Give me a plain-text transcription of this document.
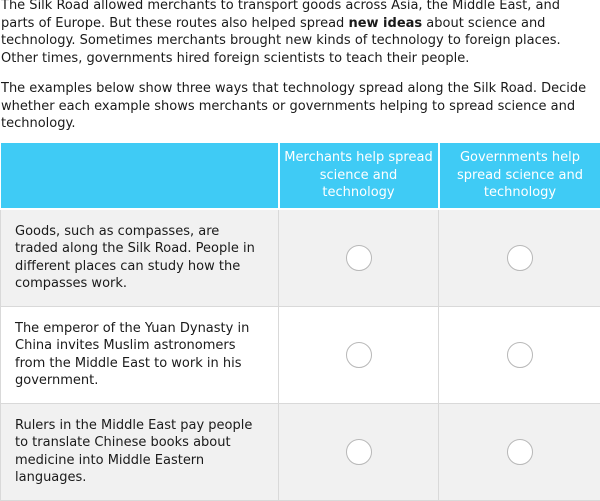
The Silk Road allowed merchants to transport goods across Asia, the Middle East, and parts of Europe. But these routes also helped spread new ideas about science and technology. Sometimes merchants brought new kinds of technology to foreign places. Other times, governments hired foreign scientists to teach their people.

The examples below show three ways that technology spread along the Silk Road. Decide whether each example shows merchants or governments helping to spread science and technology.

	Merchants help spread science and technology	Governments help spread science and technology
Goods, such as compasses, are traded along the Silk Road. People in different places can study how the compasses work.		
The emperor of the Yuan Dynasty in China invites Muslim astronomers from the Middle East to work in his government.		
Rulers in the Middle East pay people to translate Chinese books about medicine into Middle Eastern languages.		
